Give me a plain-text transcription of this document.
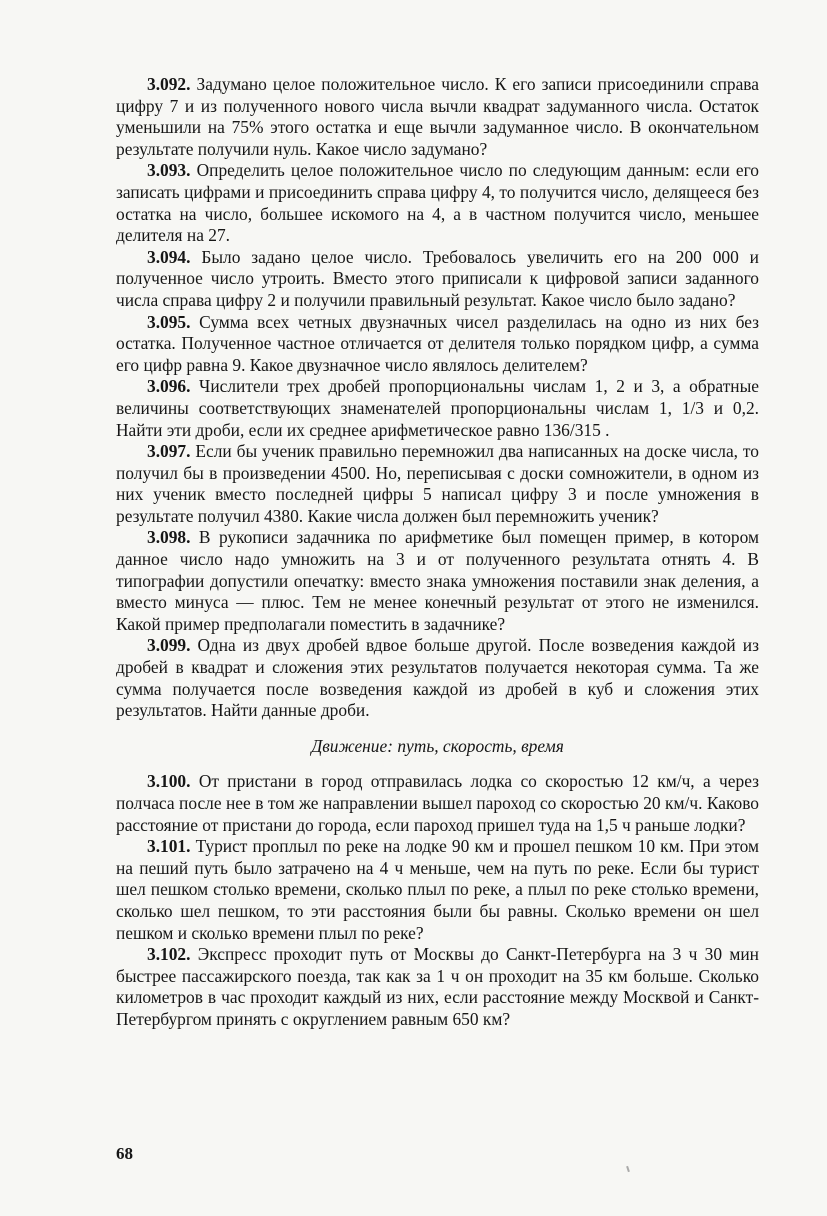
3.092. Задумано целое положительное число. К его записи присоединили справа цифру 7 и из полученного нового числа вычли квадрат задуманного числа. Остаток уменьшили на 75% этого остатка и еще вычли задуманное число. В окончательном результате получили нуль. Какое число задумано?

3.093. Определить целое положительное число по следующим данным: если его записать цифрами и присоединить справа цифру 4, то получится число, делящееся без остатка на число, большее искомого на 4, а в частном получится число, меньшее делителя на 27.

3.094. Было задано целое число. Требовалось увеличить его на 200 000 и полученное число утроить. Вместо этого приписали к цифровой записи заданного числа справа цифру 2 и получили правильный результат. Какое число было задано?

3.095. Сумма всех четных двузначных чисел разделилась на одно из них без остатка. Полученное частное отличается от делителя только порядком цифр, а сумма его цифр равна 9. Какое двузначное число являлось делителем?

3.096. Числители трех дробей пропорциональны числам 1, 2 и 3, а обратные величины соответствующих знаменателей пропорциональны числам 1, 1/3 и 0,2. Найти эти дроби, если их среднее арифметическое равно 136/315 .

3.097. Если бы ученик правильно перемножил два написанных на доске числа, то получил бы в произведении 4500. Но, переписывая с доски сомножители, в одном из них ученик вместо последней цифры 5 написал цифру 3 и после умножения в результате получил 4380. Какие числа должен был перемножить ученик?

3.098. В рукописи задачника по арифметике был помещен пример, в котором данное число надо умножить на 3 и от полученного результата отнять 4. В типографии допустили опечатку: вместо знака умножения поставили знак деления, а вместо минуса — плюс. Тем не менее конечный результат от этого не изменился. Какой пример предполагали поместить в задачнике?

3.099. Одна из двух дробей вдвое больше другой. После возведения каждой из дробей в квадрат и сложения этих результатов получается некоторая сумма. Та же сумма получается после возведения каждой из дробей в куб и сложения этих результатов. Найти данные дроби.

Движение: путь, скорость, время

3.100. От пристани в город отправилась лодка со скоростью 12 км/ч, а через полчаса после нее в том же направлении вышел пароход со скоростью 20 км/ч. Каково расстояние от пристани до города, если пароход пришел туда на 1,5 ч раньше лодки?

3.101. Турист проплыл по реке на лодке 90 км и прошел пешком 10 км. При этом на пеший путь было затрачено на 4 ч меньше, чем на путь по реке. Если бы турист шел пешком столько времени, сколько плыл по реке, а плыл по реке столько времени, сколько шел пешком, то эти расстояния были бы равны. Сколько времени он шел пешком и сколько времени плыл по реке?

3.102. Экспресс проходит путь от Москвы до Санкт-Петербурга на 3 ч 30 мин быстрее пассажирского поезда, так как за 1 ч он проходит на 35 км больше. Сколько километров в час проходит каждый из них, если расстояние между Москвой и Санкт-Петербургом принять с округлением равным 650 км?

68
